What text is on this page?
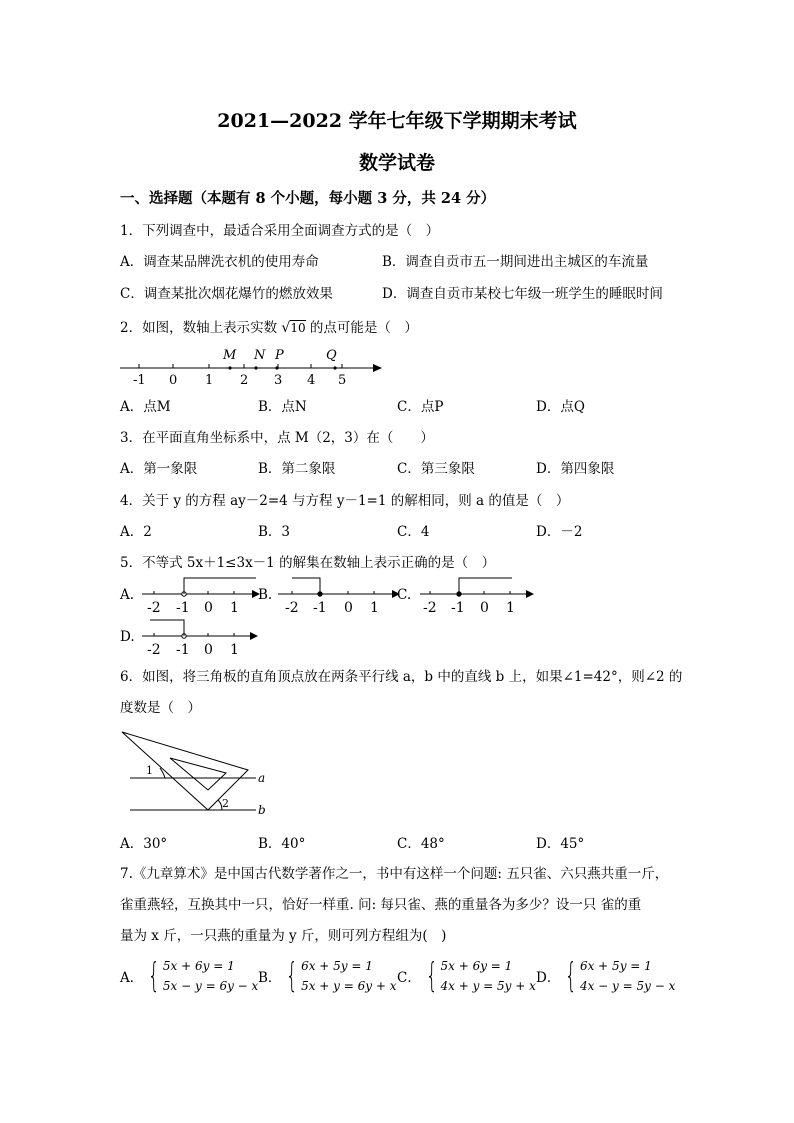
2021—2022 学年七年级下学期期末考试
数学试卷
一、选择题（本题有 8 个小题，每小题 3 分，共 24 分）
1．下列调查中，最适合采用全面调查方式的是（　）
A．调查某品牌洗衣机的使用寿命	B．调查自贡市五一期间进出主城区的车流量
C．调查某批次烟花爆竹的燃放效果	D．调查自贡市某校七年级一班学生的睡眠时间
2．如图，数轴上表示实数 √10 的点可能是（　）
-1 0 1 2 3 4 5
M N P	Q
A．点M	B．点N	C．点P	D．点Q
3．在平面直角坐标系中，点 M（2，3）在（　　）
A．第一象限	B．第二象限	C．第三象限	D．第四象限
4．关于 y 的方程 ay－2=4 与方程 y－1=1 的解相同，则 a 的值是（　）
A．2	B．3	C．4	D．－2
5．不等式 5x＋1≤3x－1 的解集在数轴上表示正确的是（　）
A.
-2 -1 0 1
B.
-2 -1 0 1
C.
-2 -1 0 1
D.
-2 -1 0 1
6．如图，将三角板的直角顶点放在两条平行线 a，b 中的直线 b 上，如果∠1=42°，则∠2 的
度数是（　）
1
2
a
b
A．30°	B．40°	C．48°	D．45°
7.《九章算术》是中国古代数学著作之一，书中有这样一个问题: 五只雀、六只燕共重一斤，
雀重燕轻，互换其中一只，恰好一样重. 问: 每只雀、燕的重量各为多少？设一只 雀的重
量为 x 斤，一只燕的重量为 y 斤，则可列方程组为(　)
A． { 5x + 6y = 1
5x − y = 6y − x B． { 6x + 5y = 1
5x + y = 6y + x C． { 5x + 6y = 1
4x + y = 5y + x D． { 6x + 5y = 1
4x − y = 5y − x
